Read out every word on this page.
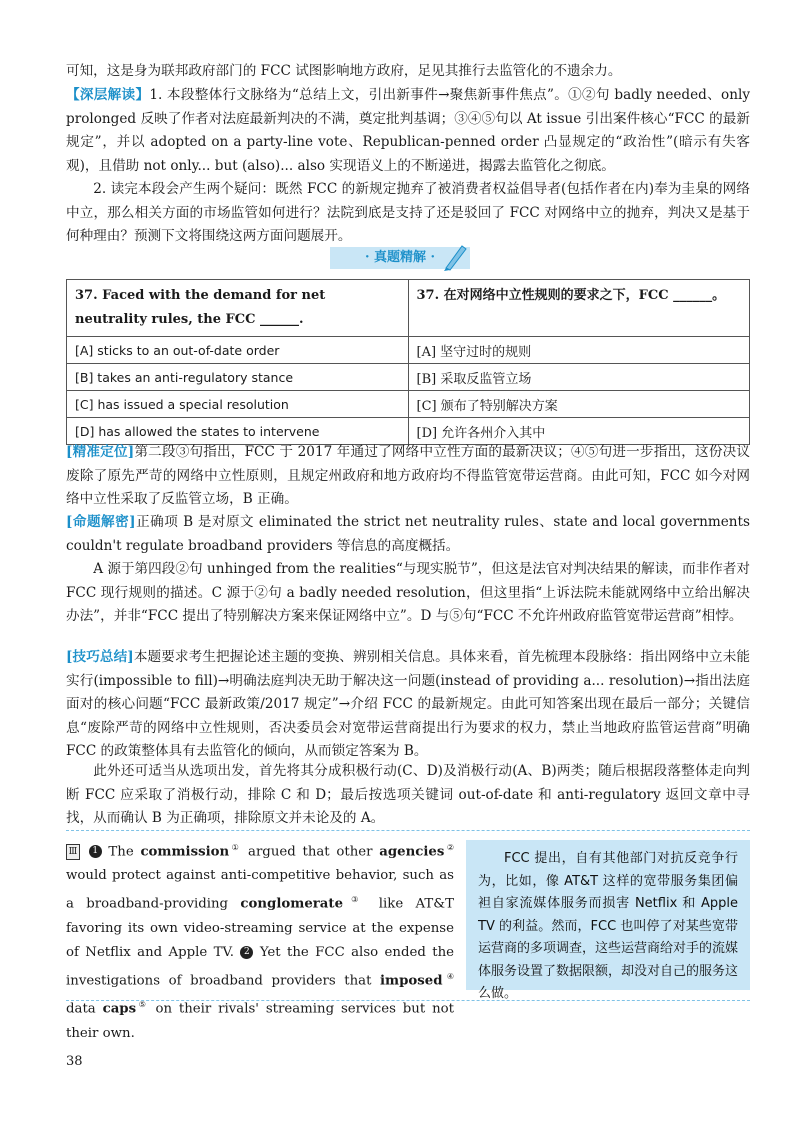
可知，这是身为联邦政府部门的 FCC 试图影响地方政府，足见其推行去监管化的不遗余力。

【深层解读】1. 本段整体行文脉络为“总结上文，引出新事件→聚焦新事件焦点”。①②句 badly needed、only prolonged 反映了作者对法庭最新判决的不满，奠定批判基调；③④⑤句以 At issue 引出案件核心“FCC 的最新规定”，并以 adopted on a party-line vote、Republican-penned order 凸显规定的“政治性”(暗示有失客观)，且借助 not only... but (also)... also 实现语义上的不断递进，揭露去监管化之彻底。

2. 读完本段会产生两个疑问：既然 FCC 的新规定抛弃了被消费者权益倡导者(包括作者在内)奉为圭臬的网络中立，那么相关方面的市场监管如何进行？法院到底是支持了还是驳回了 FCC 对网络中立的抛弃，判决又是基于何种理由？预测下文将围绕这两方面问题展开。

· 真题精解 ·
37. Faced with the demand for net neutrality rules, the FCC ______.	37. 在对网络中立性规则的要求之下，FCC ______。
[A] sticks to an out-of-date order	[A] 坚守过时的规则
[B] takes an anti-regulatory stance	[B] 采取反监管立场
[C] has issued a special resolution	[C] 颁布了特别解决方案
[D] has allowed the states to intervene	[D] 允许各州介入其中

[精准定位]第二段③句指出，FCC 于 2017 年通过了网络中立性方面的最新决议；④⑤句进一步指出，这份决议废除了原先严苛的网络中立性原则，且规定州政府和地方政府均不得监管宽带运营商。由此可知，FCC 如今对网络中立性采取了反监管立场，B 正确。

[命题解密]正确项 B 是对原文 eliminated the strict net neutrality rules、state and local governments couldn't regulate broadband providers 等信息的高度概括。

A 源于第四段②句 unhinged from the realities“与现实脱节”，但这是法官对判决结果的解读，而非作者对 FCC 现行规则的描述。C 源于②句 a badly needed resolution，但这里指“上诉法院未能就网络中立给出解决办法”，并非“FCC 提出了特别解决方案来保证网络中立”。D 与⑤句“FCC 不允许州政府监管宽带运营商”相悖。

[技巧总结]本题要求考生把握论述主题的变换、辨别相关信息。具体来看，首先梳理本段脉络：指出网络中立未能实行(impossible to fill)→明确法庭判决无助于解决这一问题(instead of providing a... resolution)→指出法庭面对的核心问题“FCC 最新政策/2017 规定”→介绍 FCC 的最新规定。由此可知答案出现在最后一部分；关键信息“废除严苛的网络中立性规则，否决委员会对宽带运营商提出行为要求的权力，禁止当地政府监管运营商”明确 FCC 的政策整体具有去监管化的倾向，从而锁定答案为 B。

此外还可适当从选项出发，首先将其分成积极行动(C、D)及消极行动(A、B)两类；随后根据段落整体走向判断 FCC 应采取了消极行动，排除 C 和 D；最后按选项关键词 out-of-date 和 anti-regulatory 返回文章中寻找，从而确认 B 为正确项，排除原文并未论及的 A。

Ⅲ 1 The commission① argued that other agencies② would protect against anti-competitive behavior, such as a broadband-providing conglomerate③ like AT&T favoring its own video-streaming service at the expense of Netflix and Apple TV. 2 Yet the FCC also ended the investigations of broadband providers that imposed④ data caps⑤ on their rivals' streaming services but not their own.

FCC 提出，自有其他部门对抗反竞争行为，比如，像 AT&T 这样的宽带服务集团偏袒自家流媒体服务而损害 Netflix 和 Apple TV 的利益。然而，FCC 也叫停了对某些宽带运营商的多项调查，这些运营商给对手的流媒体服务设置了数据限额，却没对自己的服务这么做。
38
